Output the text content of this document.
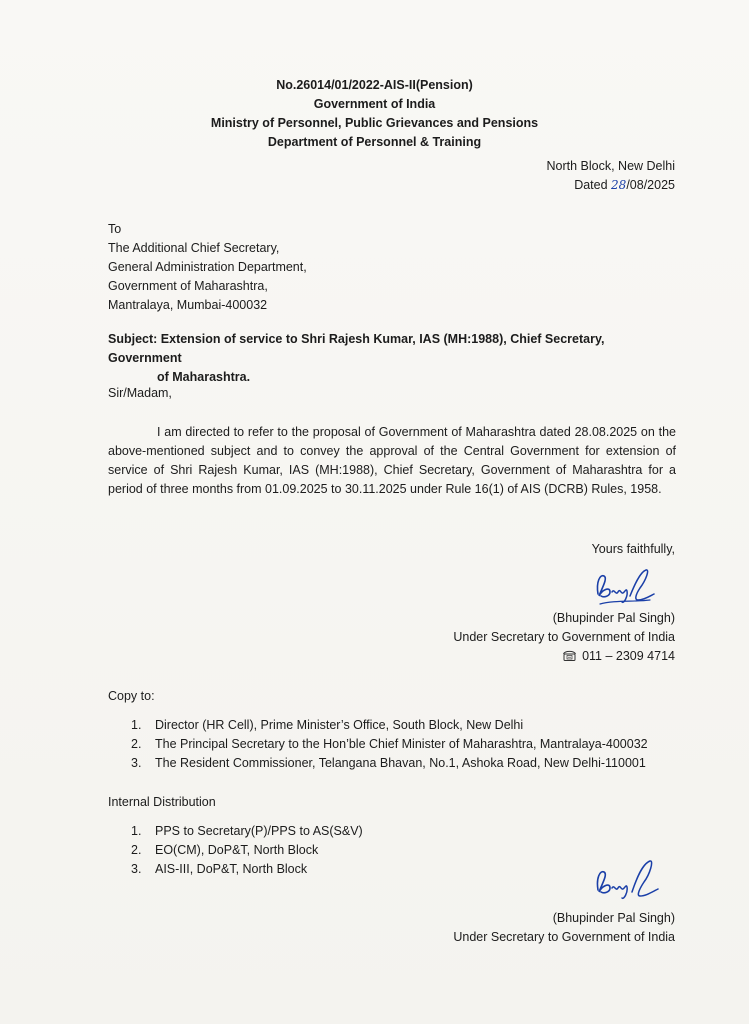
No.26014/01/2022-AIS-II(Pension)
Government of India
Ministry of Personnel, Public Grievances and Pensions
Department of Personnel & Training
North Block, New Delhi
Dated 28/08/2025
To
The Additional Chief Secretary,
General Administration Department,
Government of Maharashtra,
Mantralaya, Mumbai-400032
Subject: Extension of service to Shri Rajesh Kumar, IAS (MH:1988), Chief Secretary, Government
of Maharashtra.
Sir/Madam,
I am directed to refer to the proposal of Government of Maharashtra dated 28.08.2025 on the above-mentioned subject and to convey the approval of the Central Government for extension of service of Shri Rajesh Kumar, IAS (MH:1988), Chief Secretary, Government of Maharashtra for a period of three months from 01.09.2025 to 30.11.2025 under Rule 16(1) of AIS (DCRB) Rules, 1958.
Yours faithfully,
(Bhupinder Pal Singh)
Under Secretary to Government of India
011 – 2309 4714
Copy to:
1.	Director (HR Cell), Prime Minister’s Office, South Block, New Delhi
2.	The Principal Secretary to the Hon’ble Chief Minister of Maharashtra, Mantralaya-400032
3.	The Resident Commissioner, Telangana Bhavan, No.1, Ashoka Road, New Delhi-110001
Internal Distribution
1.	PPS to Secretary(P)/PPS to AS(S&V)
2.	EO(CM), DoP&T, North Block
3.	AIS-III, DoP&T, North Block
(Bhupinder Pal Singh)
Under Secretary to Government of India
